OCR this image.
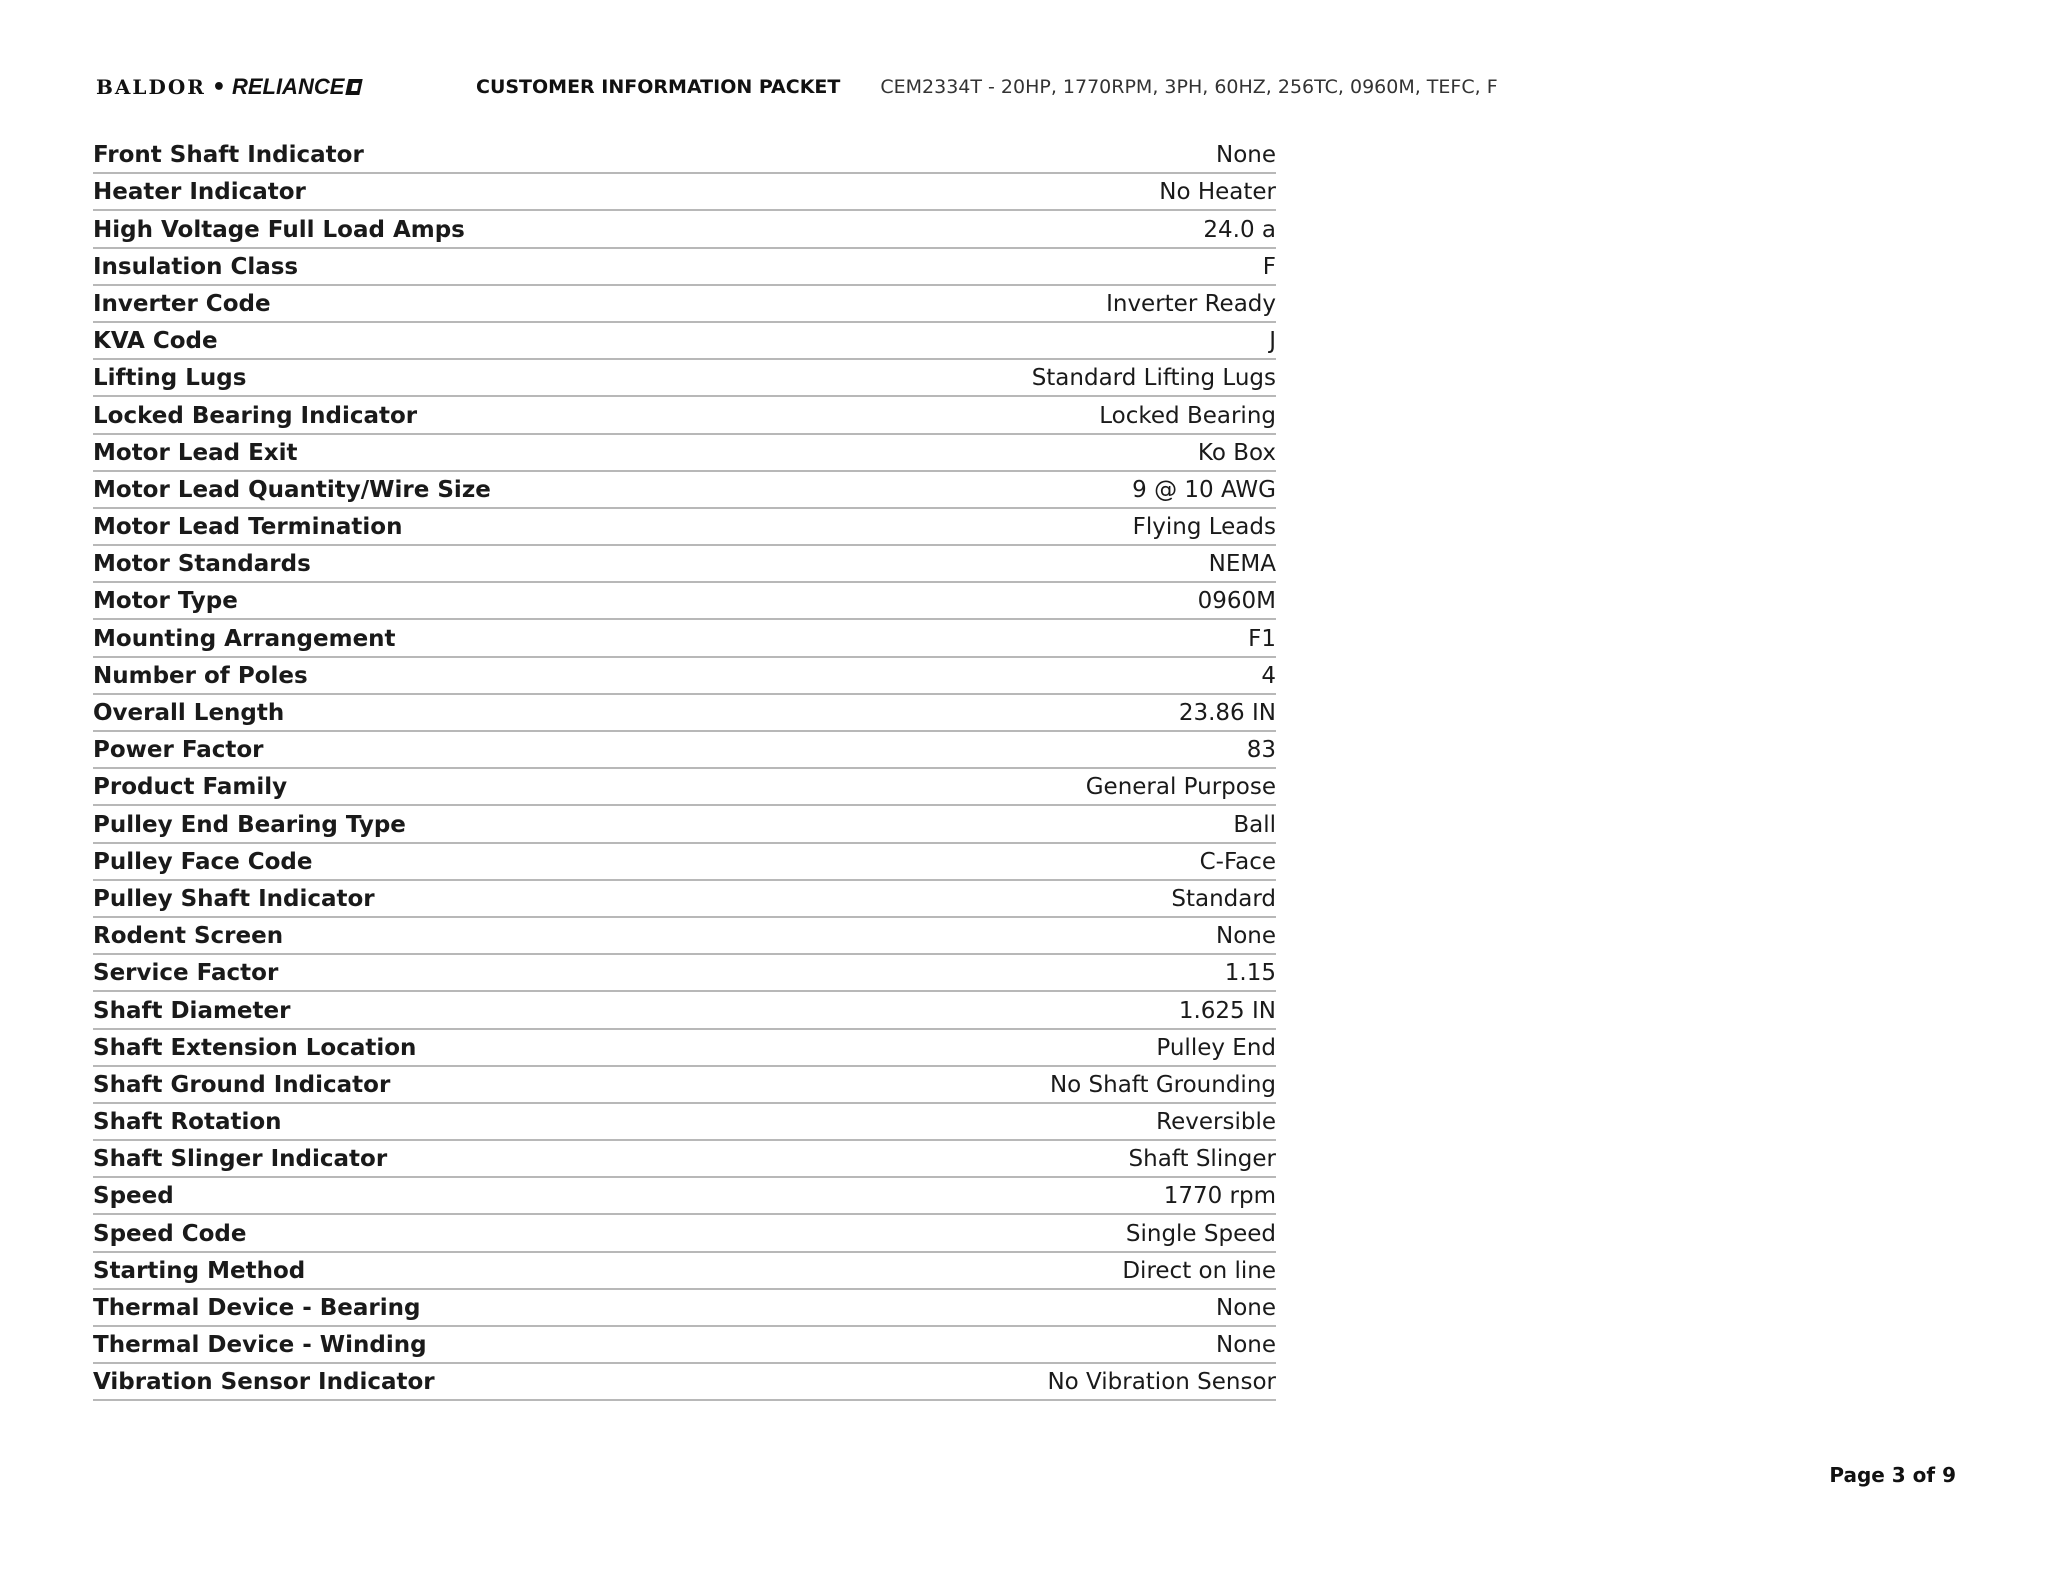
BALDOR • RELIANCE	CUSTOMER INFORMATION PACKET CEM2334T - 20HP, 1770RPM, 3PH, 60HZ, 256TC, 0960M, TEFC, F
Front Shaft Indicator	None
Heater Indicator	No Heater
High Voltage Full Load Amps	24.0 a
Insulation Class	F
Inverter Code	Inverter Ready
KVA Code	J
Lifting Lugs	Standard Lifting Lugs
Locked Bearing Indicator	Locked Bearing
Motor Lead Exit	Ko Box
Motor Lead Quantity/Wire Size	9 @ 10 AWG
Motor Lead Termination	Flying Leads
Motor Standards	NEMA
Motor Type	0960M
Mounting Arrangement	F1
Number of Poles	4
Overall Length	23.86 IN
Power Factor	83
Product Family	General Purpose
Pulley End Bearing Type	Ball
Pulley Face Code	C-Face
Pulley Shaft Indicator	Standard
Rodent Screen	None
Service Factor	1.15
Shaft Diameter	1.625 IN
Shaft Extension Location	Pulley End
Shaft Ground Indicator	No Shaft Grounding
Shaft Rotation	Reversible
Shaft Slinger Indicator	Shaft Slinger
Speed	1770 rpm
Speed Code	Single Speed
Starting Method	Direct on line
Thermal Device - Bearing	None
Thermal Device - Winding	None
Vibration Sensor Indicator	No Vibration Sensor
Page 3 of 9
